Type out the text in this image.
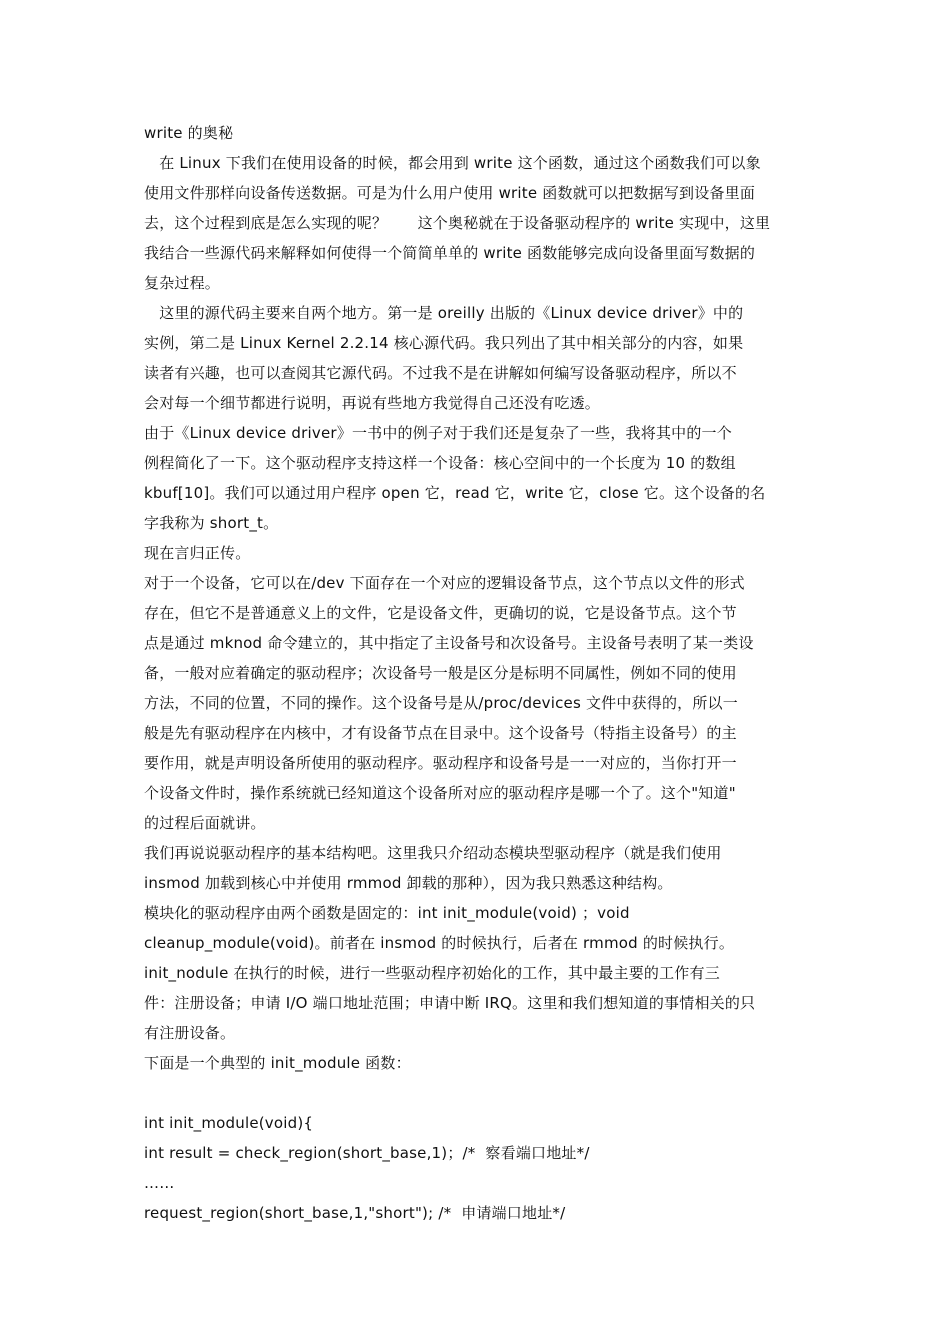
write 的奥秘
　在 Linux 下我们在使用设备的时候，都会用到 write 这个函数，通过这个函数我们可以象
使用文件那样向设备传送数据。可是为什么用户使用 write 函数就可以把数据写到设备里面
去，这个过程到底是怎么实现的呢？　　这个奥秘就在于设备驱动程序的 write 实现中，这里
我结合一些源代码来解释如何使得一个简简单单的 write 函数能够完成向设备里面写数据的
复杂过程。
　这里的源代码主要来自两个地方。第一是 oreilly 出版的《Linux device driver》中的
实例，第二是 Linux Kernel 2.2.14 核心源代码。我只列出了其中相关部分的内容，如果
读者有兴趣，也可以查阅其它源代码。不过我不是在讲解如何编写设备驱动程序，所以不
会对每一个细节都进行说明，再说有些地方我觉得自己还没有吃透。
由于《Linux device driver》一书中的例子对于我们还是复杂了一些，我将其中的一个
例程简化了一下。这个驱动程序支持这样一个设备：核心空间中的一个长度为 10 的数组
kbuf[10]。我们可以通过用户程序 open 它，read 它，write 它，close 它。这个设备的名
字我称为 short_t。
现在言归正传。
对于一个设备，它可以在/dev 下面存在一个对应的逻辑设备节点，这个节点以文件的形式
存在，但它不是普通意义上的文件，它是设备文件，更确切的说，它是设备节点。这个节
点是通过 mknod 命令建立的，其中指定了主设备号和次设备号。主设备号表明了某一类设
备，一般对应着确定的驱动程序；次设备号一般是区分是标明不同属性，例如不同的使用
方法，不同的位置，不同的操作。这个设备号是从/proc/devices 文件中获得的，所以一
般是先有驱动程序在内核中，才有设备节点在目录中。这个设备号（特指主设备号）的主
要作用，就是声明设备所使用的驱动程序。驱动程序和设备号是一一对应的，当你打开一
个设备文件时，操作系统就已经知道这个设备所对应的驱动程序是哪一个了。这个"知道"
的过程后面就讲。
我们再说说驱动程序的基本结构吧。这里我只介绍动态模块型驱动程序（就是我们使用
insmod 加载到核心中并使用 rmmod 卸载的那种），因为我只熟悉这种结构。
模块化的驱动程序由两个函数是固定的：int init_module(void) ；void
cleanup_module(void)。前者在 insmod 的时候执行，后者在 rmmod 的时候执行。
init_nodule 在执行的时候，进行一些驱动程序初始化的工作，其中最主要的工作有三
件：注册设备；申请 I/O 端口地址范围；申请中断 IRQ。这里和我们想知道的事情相关的只
有注册设备。
下面是一个典型的 init_module 函数：
int init_module(void){
int result = check_region(short_base,1)；/*  察看端口地址*/
……
request_region(short_base,1,"short"); /*  申请端口地址*/
